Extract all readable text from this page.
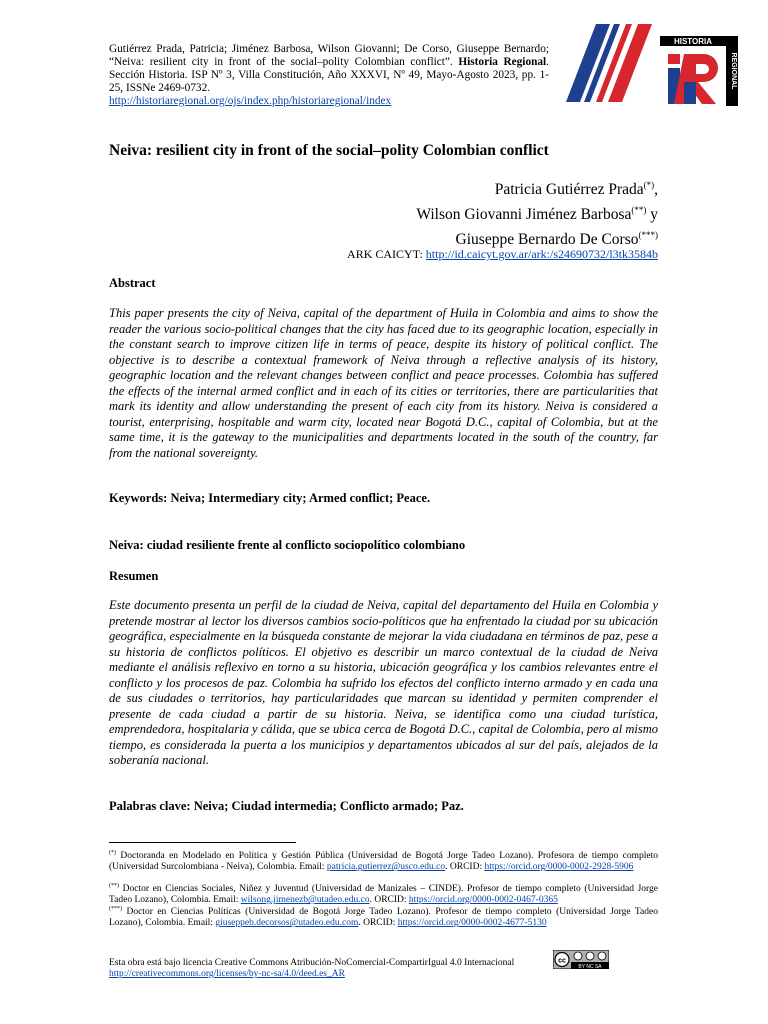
Gutiérrez Prada, Patricia; Jiménez Barbosa, Wilson Giovanni; De Corso, Giuseppe Bernardo; “Neiva: resilient city in front of the social–polity Colombian conflict”. Historia Regional. Sección Historia. ISP Nº 3, Villa Constitución, Año XXXVI, Nº 49, Mayo-Agosto 2023, pp. 1-25, ISSNe 2469-0732.
http://historiaregional.org/ojs/index.php/historiaregional/index
HISTORIA
REGIONAL
Neiva: resilient city in front of the social–polity Colombian conflict
Patricia Gutiérrez Prada(*),
Wilson Giovanni Jiménez Barbosa(**) y
Giuseppe Bernardo De Corso(***)
ARK CAICYT: http://id.caicyt.gov.ar/ark:/s24690732/l3tk3584b
Abstract
This paper presents the city of Neiva, capital of the department of Huila in Colombia and aims to show the reader the various socio-political changes that the city has faced due to its geographic location, especially in the constant search to improve citizen life in terms of peace, despite its history of political conflict. The objective is to describe a contextual framework of Neiva through a reflective analysis of its history, geographic location and the relevant changes between conflict and peace processes. Colombia has suffered the effects of the internal armed conflict and in each of its cities or territories, there are particularities that mark its identity and allow understanding the present of each city from its history. Neiva is considered a tourist, enterprising, hospitable and warm city, located near Bogotá D.C., capital of Colombia, but at the same time, it is the gateway to the municipalities and departments located in the south of the country, far from the national sovereignty.
Keywords: Neiva; Intermediary city; Armed conflict; Peace.
Neiva: ciudad resiliente frente al conflicto sociopolítico colombiano
Resumen
Este documento presenta un perfil de la ciudad de Neiva, capital del departamento del Huila en Colombia y pretende mostrar al lector los diversos cambios socio-políticos que ha enfrentado la ciudad por su ubicación geográfica, especialmente en la búsqueda constante de mejorar la vida ciudadana en términos de paz, pese a su historia de conflictos políticos. El objetivo es describir un marco contextual de la ciudad de Neiva mediante el análisis reflexivo en torno a su historia, ubicación geográfica y los cambios relevantes entre el conflicto y los procesos de paz. Colombia ha sufrido los efectos del conflicto interno armado y en cada una de sus ciudades o territorios, hay particularidades que marcan su identidad y permiten comprender el presente de cada ciudad a partir de su historia. Neiva, se identifica como una ciudad turística, emprendedora, hospitalaria y cálida, que se ubica cerca de Bogotá D.C., capital de Colombia, pero al mismo tiempo, es considerada la puerta a los municipios y departamentos ubicados al sur del país, alejados de la soberanía nacional.
Palabras clave: Neiva; Ciudad intermedia; Conflicto armado; Paz.
(*) Doctoranda en Modelado en Política y Gestión Pública (Universidad de Bogotá Jorge Tadeo Lozano). Profesora de tiempo completo (Universidad Surcolombiana - Neiva), Colombia. Email: patricia.gutierrez@usco.edu.co. ORCID: https://orcid.org/0000-0002-2928-5906
(**) Doctor en Ciencias Sociales, Niñez y Juventud (Universidad de Manizales – CINDE). Profesor de tiempo completo (Universidad Jorge Tadeo Lozano), Colombia. Email: wilsong.jimenezb@utadeo.edu.co. ORCID: https://orcid.org/0000-0002-0467-0365
(***) Doctor en Ciencias Políticas (Universidad de Bogotá Jorge Tadeo Lozano). Profesor de tiempo completo (Universidad Jorge Tadeo Lozano), Colombia. Email: giuseppeb.decorsos@utadeo.edu.com. ORCID: https://orcid.org/0000-0002-4677-5130
Esta obra está bajo licencia Creative Commons Atribución-NoComercial-CompartirIgual 4.0 Internacional
http://creativecommons.org/licenses/by-nc-sa/4.0/deed.es_AR
cc
BY NC SA
